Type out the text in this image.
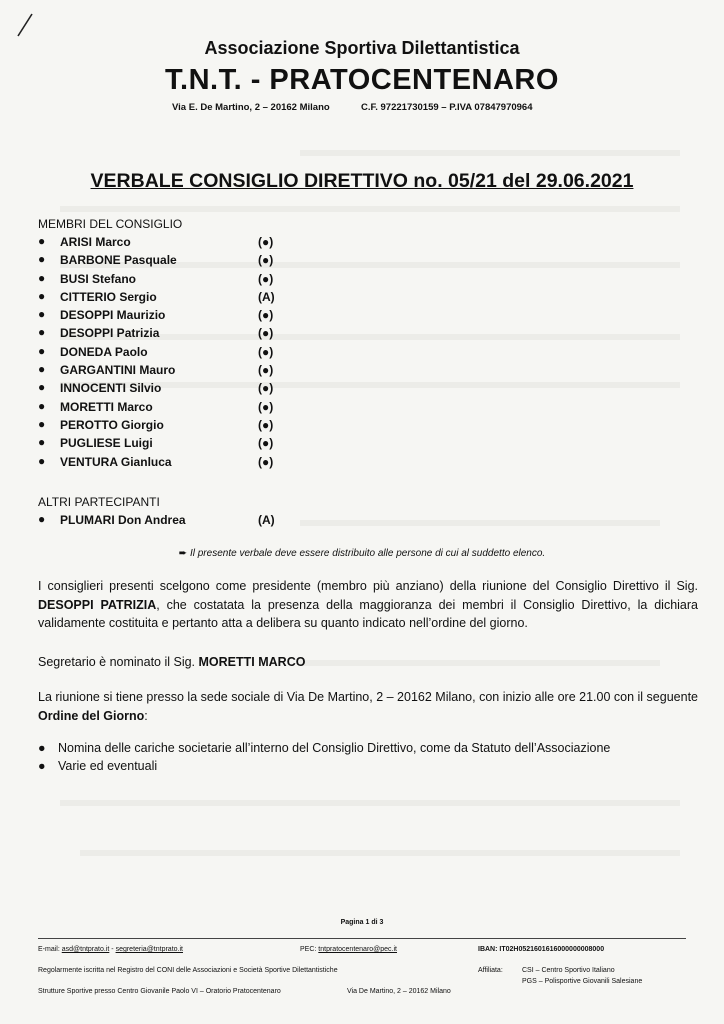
Associazione Sportiva Dilettantistica
T.N.T. - PRATOCENTENARO
Via E. De Martino, 2 – 20162 Milano	C.F. 97221730159 – P.IVA 07847970964
VERBALE CONSIGLIO DIRETTIVO no. 05/21 del 29.06.2021
MEMBRI DEL CONSIGLIO
● ARISI Marco	(●)
● BARBONE Pasquale	(●)
● BUSI Stefano	(●)
● CITTERIO Sergio	(A)
● DESOPPI Maurizio	(●)
● DESOPPI Patrizia	(●)
● DONEDA Paolo	(●)
● GARGANTINI Mauro	(●)
● INNOCENTI Silvio	(●)
● MORETTI Marco	(●)
● PEROTTO Giorgio	(●)
● PUGLIESE Luigi	(●)
● VENTURA Gianluca	(●)
ALTRI PARTECIPANTI
● PLUMARI Don Andrea	(A)
➨ Il presente verbale deve essere distribuito alle persone di cui al suddetto elenco.
I consiglieri presenti scelgono come presidente (membro più anziano) della riunione del Consiglio Direttivo il Sig. DESOPPI PATRIZIA, che costatata la presenza della maggioranza dei membri il Consiglio Direttivo, la dichiara validamente costituita e pertanto atta a delibera su quanto indicato nell’ordine del giorno.
Segretario è nominato il Sig. MORETTI MARCO
La riunione si tiene presso la sede sociale di Via De Martino, 2 – 20162 Milano, con inizio alle ore 21.00 con il seguente Ordine del Giorno:
● Nomina delle cariche societarie all’interno del Consiglio Direttivo, come da Statuto dell’Associazione
● Varie ed eventuali
Pagina 1 di 3
E-mail: asd@tntprato.it - segreteria@tntprato.it	PEC: tntpratocentenaro@pec.it	IBAN: IT02H0521601616000000008000
Regolarmente iscritta nel Registro del CONI delle Associazioni e Società Sportive Dilettantistiche	Affiliata:	CSI – Centro Sportivo Italiano
PGS – Polisportive Giovanili Salesiane
Strutture Sportive presso Centro Giovanile Paolo VI – Oratorio Pratocentenaro	Via De Martino, 2 – 20162 Milano
